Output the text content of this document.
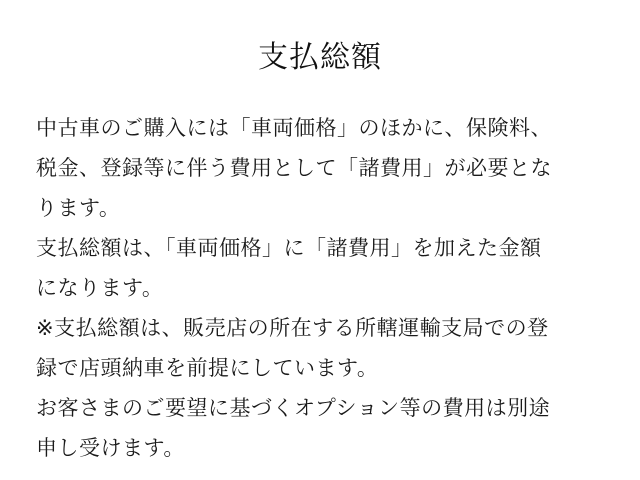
支払総額
中古車のご購入には「車両価格」のほかに、保険料、
税金、登録等に伴う費用として「諸費用」が必要とな
ります。
支払総額は、「車両価格」に「諸費用」を加えた金額
になります。
※支払総額は、販売店の所在する所轄運輸支局での登
録で店頭納車を前提にしています。
お客さまのご要望に基づくオプション等の費用は別途
申し受けます。
